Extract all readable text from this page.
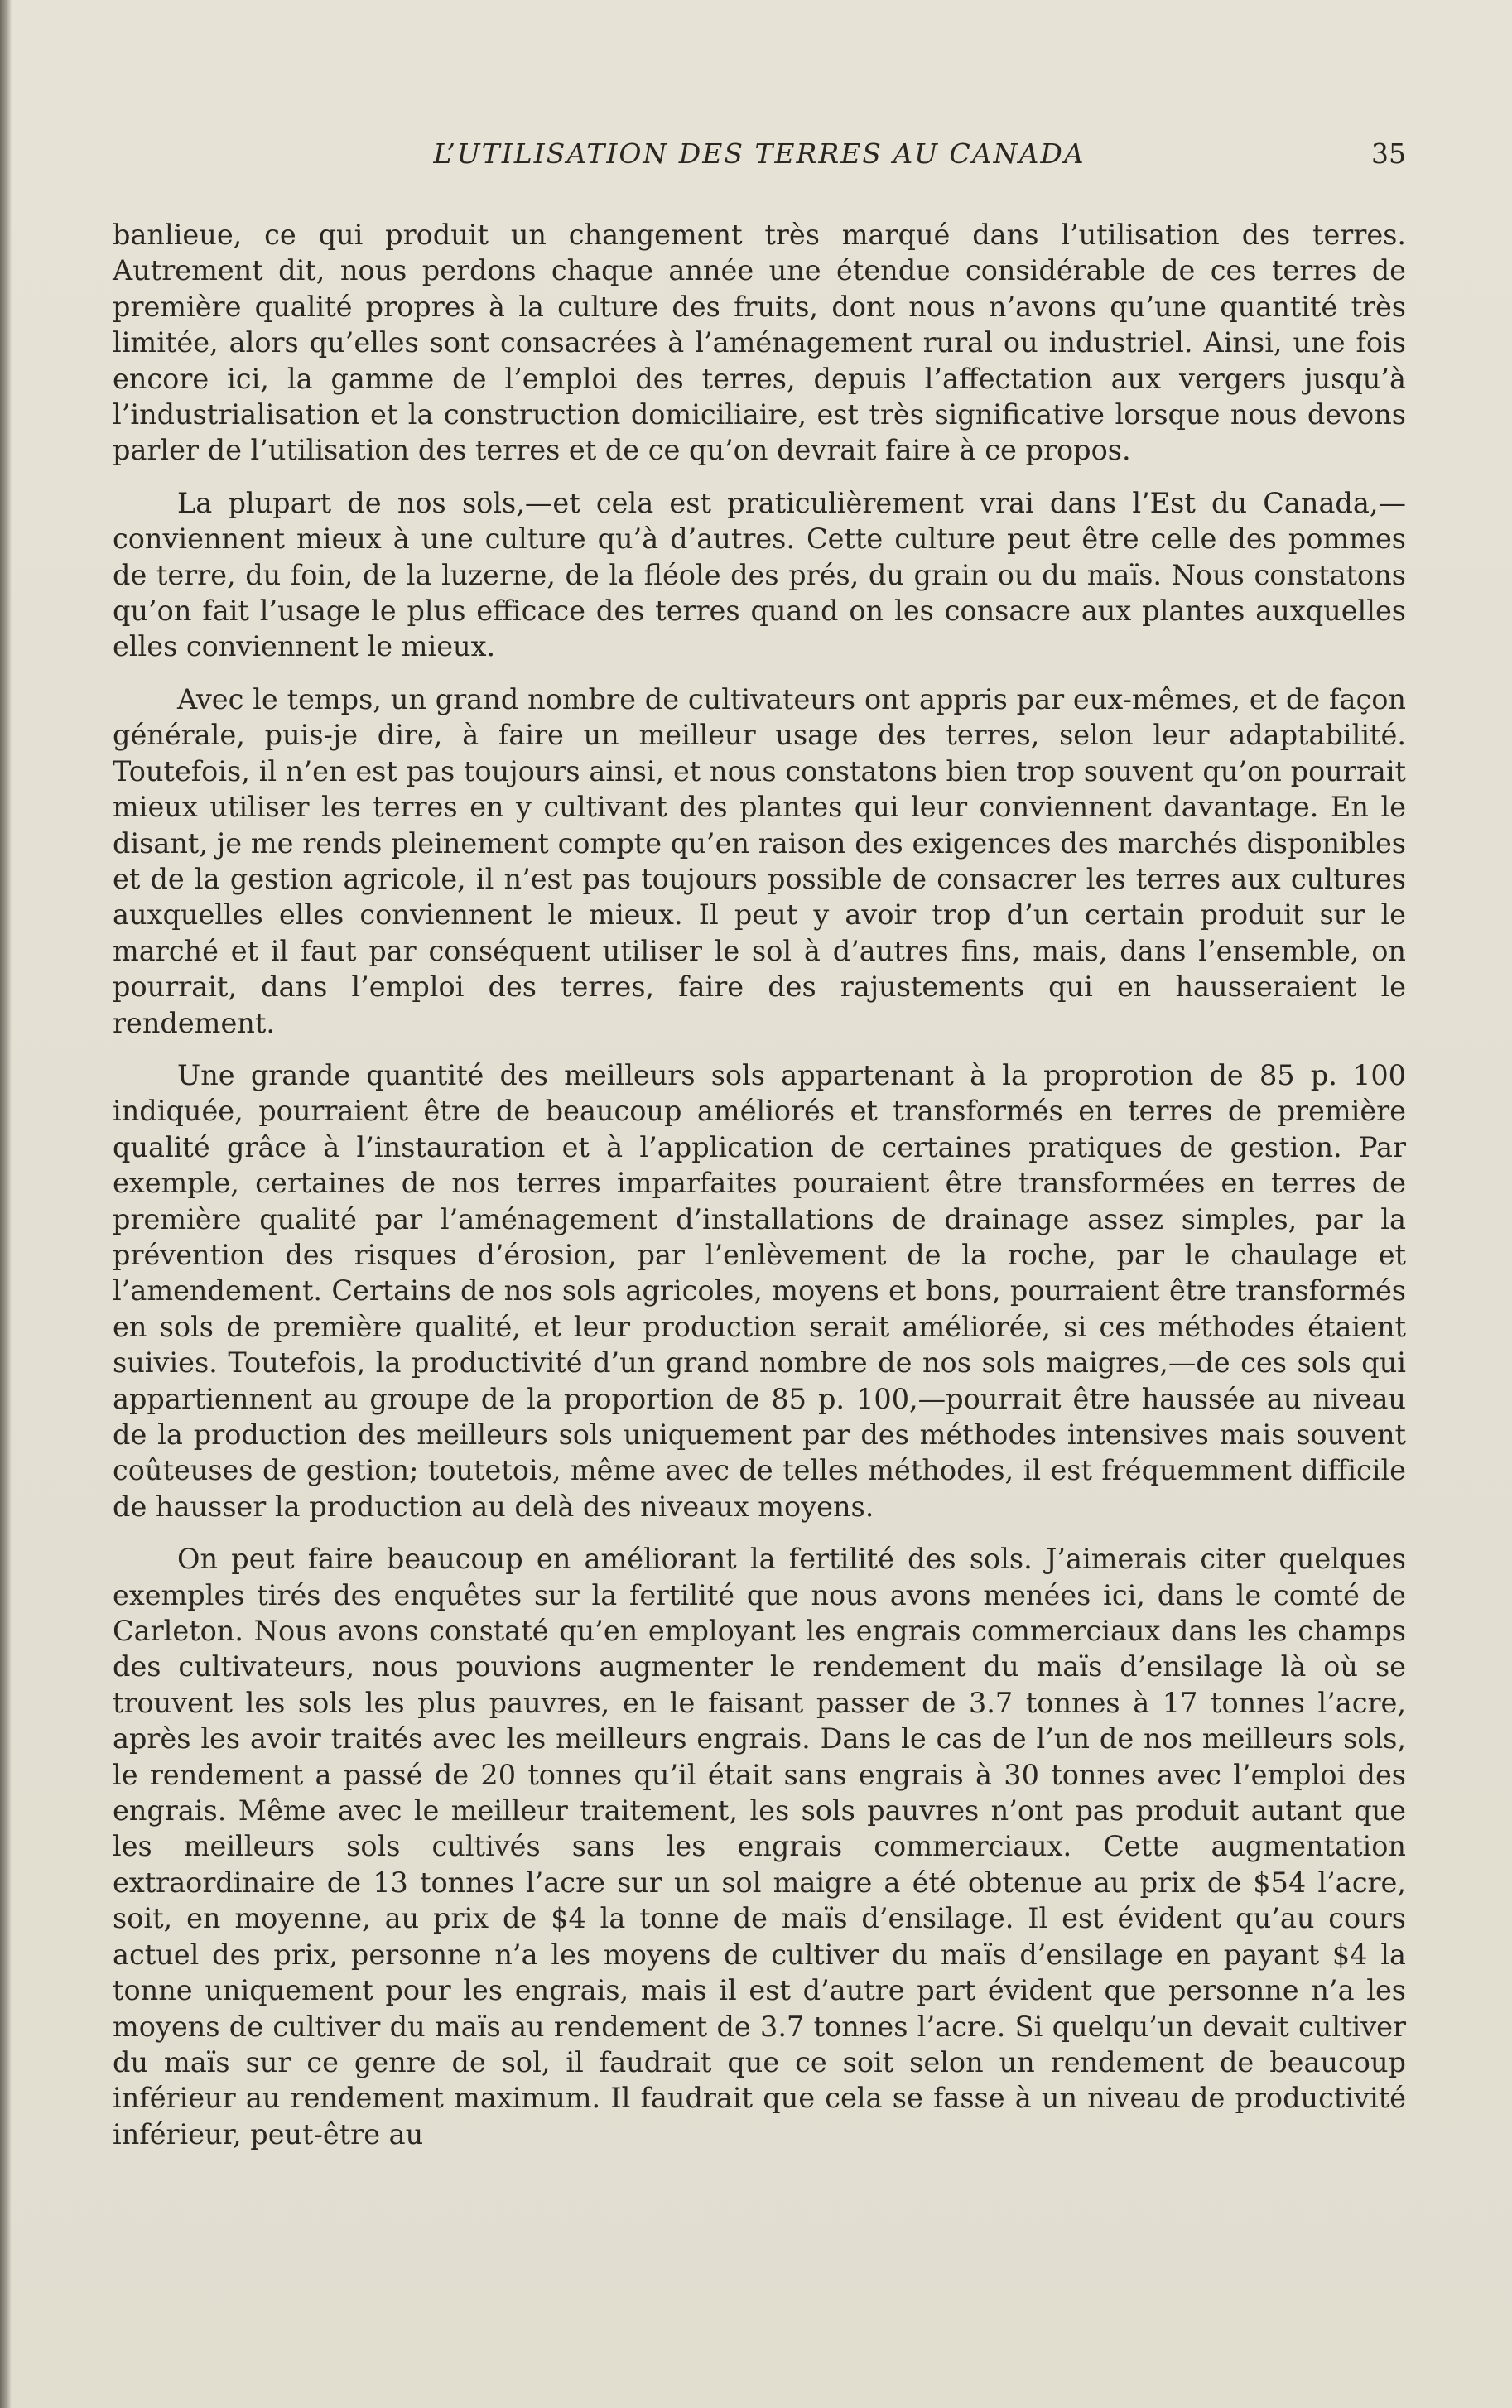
L’UTILISATION DES TERRES AU CANADA	35

banlieue, ce qui produit un changement très marqué dans l’utilisation des terres. Autrement dit, nous perdons chaque année une étendue considérable de ces terres de première qualité propres à la culture des fruits, dont nous n’avons qu’une quantité très limitée, alors qu’elles sont consacrées à l’aménagement rural ou industriel. Ainsi, une fois encore ici, la gamme de l’emploi des terres, depuis l’affectation aux vergers jusqu’à l’industrialisation et la construction domiciliaire, est très significative lorsque nous devons parler de l’utilisation des terres et de ce qu’on devrait faire à ce propos.

La plupart de nos sols,—et cela est praticulièrement vrai dans l’Est du Canada,—conviennent mieux à une culture qu’à d’autres. Cette culture peut être celle des pommes de terre, du foin, de la luzerne, de la fléole des prés, du grain ou du maïs. Nous constatons qu’on fait l’usage le plus efficace des terres quand on les consacre aux plantes auxquelles elles conviennent le mieux.

Avec le temps, un grand nombre de cultivateurs ont appris par eux-mêmes, et de façon générale, puis-je dire, à faire un meilleur usage des terres, selon leur adaptabilité. Toutefois, il n’en est pas toujours ainsi, et nous constatons bien trop souvent qu’on pourrait mieux utiliser les terres en y cultivant des plantes qui leur conviennent davantage. En le disant, je me rends pleinement compte qu’en raison des exigences des marchés disponibles et de la gestion agricole, il n’est pas toujours possible de consacrer les terres aux cultures auxquelles elles conviennent le mieux. Il peut y avoir trop d’un certain produit sur le marché et il faut par conséquent utiliser le sol à d’autres fins, mais, dans l’ensemble, on pourrait, dans l’emploi des terres, faire des rajustements qui en hausseraient le rendement.

Une grande quantité des meilleurs sols appartenant à la proprotion de 85 p. 100 indiquée, pourraient être de beaucoup améliorés et transformés en terres de première qualité grâce à l’instauration et à l’application de certaines pratiques de gestion. Par exemple, certaines de nos terres imparfaites pouraient être transformées en terres de première qualité par l’aménagement d’installations de drainage assez simples, par la prévention des risques d’érosion, par l’enlèvement de la roche, par le chaulage et l’amendement. Certains de nos sols agricoles, moyens et bons, pourraient être transformés en sols de première qualité, et leur production serait améliorée, si ces méthodes étaient suivies. Toutefois, la productivité d’un grand nombre de nos sols maigres,—de ces sols qui appartiennent au groupe de la proportion de 85 p. 100,—pourrait être haussée au niveau de la production des meilleurs sols uniquement par des méthodes intensives mais souvent coûteuses de gestion; toutetois, même avec de telles méthodes, il est fréquemment difficile de hausser la production au delà des niveaux moyens.

On peut faire beaucoup en améliorant la fertilité des sols. J’aimerais citer quelques exemples tirés des enquêtes sur la fertilité que nous avons menées ici, dans le comté de Carleton. Nous avons constaté qu’en employant les engrais commerciaux dans les champs des cultivateurs, nous pouvions augmenter le rendement du maïs d’ensilage là où se trouvent les sols les plus pauvres, en le faisant passer de 3.7 tonnes à 17 tonnes l’acre, après les avoir traités avec les meilleurs engrais. Dans le cas de l’un de nos meilleurs sols, le rendement a passé de 20 tonnes qu’il était sans engrais à 30 tonnes avec l’emploi des engrais. Même avec le meilleur traitement, les sols pauvres n’ont pas produit autant que les meilleurs sols cultivés sans les engrais commerciaux. Cette augmentation extraordinaire de 13 tonnes l’acre sur un sol maigre a été obtenue au prix de $54 l’acre, soit, en moyenne, au prix de $4 la tonne de maïs d’ensilage. Il est évident qu’au cours actuel des prix, personne n’a les moyens de cultiver du maïs d’ensilage en payant $4 la tonne uniquement pour les engrais, mais il est d’autre part évident que personne n’a les moyens de cultiver du maïs au rendement de 3.7 tonnes l’acre. Si quelqu’un devait cultiver du maïs sur ce genre de sol, il faudrait que ce soit selon un rendement de beaucoup inférieur au rendement maximum. Il faudrait que cela se fasse à un niveau de productivité inférieur, peut-être au
